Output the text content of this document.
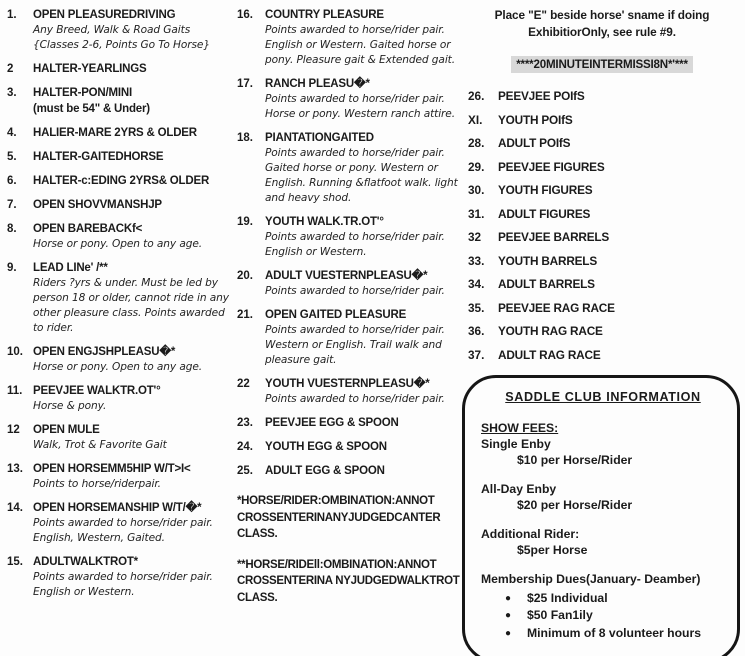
1.	OPEN PLEASUREDRIVING
Any Breed, Walk & Road Gaits
{Classes 2-6, Points Go To Horse}
2	HALTER-YEARLINGS
3.	HALTER-PON/MINI
(must be 54" & Under)
4.	HALIER-MARE 2YRS & OLDER
5.	HALTER-GAITEDHORSE
6.	HALTER-c:EDING 2YRS& OLDER
7.	OPEN SHOVVMANSHJP
8.	OPEN BAREBACKf<
Horse or pony. Open to any age.
9.	LEAD LINe' /**
Riders ?yrs & under. Must be led by
person 18 or older, cannot ride in any
other pleasure class. Points awarded
to rider.
10. OPEN ENGJSHPLEASU�*
Horse or pony. Open to any age.
11. PEEVJEE WALKTR.OT'°
Horse & pony.
12	OPEN MULE
Walk, Trot & Favorite Gait
13. OPEN HORSEMM5HIP W/T>I<
Points to horse/riderpair.
14. OPEN HORSEMANSHIP W/T/�*
Points awarded to horse/rider pair.
English, Western, Gaited.
15. ADULTWALKTROT*
Points awarded to horse/rider pair.
English or Western.
16.	COUNTRY PLEASURE
Points awarded to horse/rider pair.
English or Western. Gaited horse or
pony. Pleasure gait & Extended gait.
17.	RANCH PLEASU�*
Points awarded to horse/rider pair.
Horse or pony. Western ranch attire.
18.	PIANTATIONGAITED
Points awarded to horse/rider pair.
Gaited horse or pony. Western or
English. Running &flatfoot walk. light
and heavy shod.
19.	YOUTH WALK.TR.OT'°
Points awarded to horse/rider pair.
English or Western.
20.	ADULT VUESTERNPLEASU�*
Points awarded to horse/rider pair.
21.	OPEN GAITED PLEASURE
Points awarded to horse/rider pair.
Western or English. Trail walk and
pleasure gait.
22	YOUTH VUESTERNPLEASU�*
Points awarded to horse/rider pair.
23.	PEEVJEE EGG & SPOON
24.	YOUTH EGG & SPOON
25.	ADULT EGG & SPOON
*HORSE/RIDER:OMBINATION:ANNOT
CROSSENTERINANYJUDGEDCANTER
CLASS.
**HORSE/RIDEll:OMBINATION:ANNOT
CROSSENTERINA NYJUDGEDWALKTROT
CLASS.
Place "E" beside horse' sname if doing
ExhibitiorOnly, see rule #9.
****20MINUTEINTERMISSI8N*'***
26.	PEEVJEE POIfS
XI.	YOUTH POIfS
28.	ADULT POIfS
29.	PEEVJEE FIGURES
30.	YOUTH FIGURES
31.	ADULT FIGURES
32	PEEVJEE BARRELS
33.	YOUTH BARRELS
34.	ADULT BARRELS
35.	PEEVJEE RAG RACE
36.	YOUTH RAG RACE
37.	ADULT RAG RACE
SADDLE CLUB INFORMATION
SHOW FEES:
Single Enby
$10 per Horse/Rider
All-Day Enby
$20 per Horse/Rider
Additional Rider:
$5per Horse
Membership Dues(January- Deamber)
●	$25 Individual
●	$50 Fan1ily
●	Minimum of 8 volunteer hours
